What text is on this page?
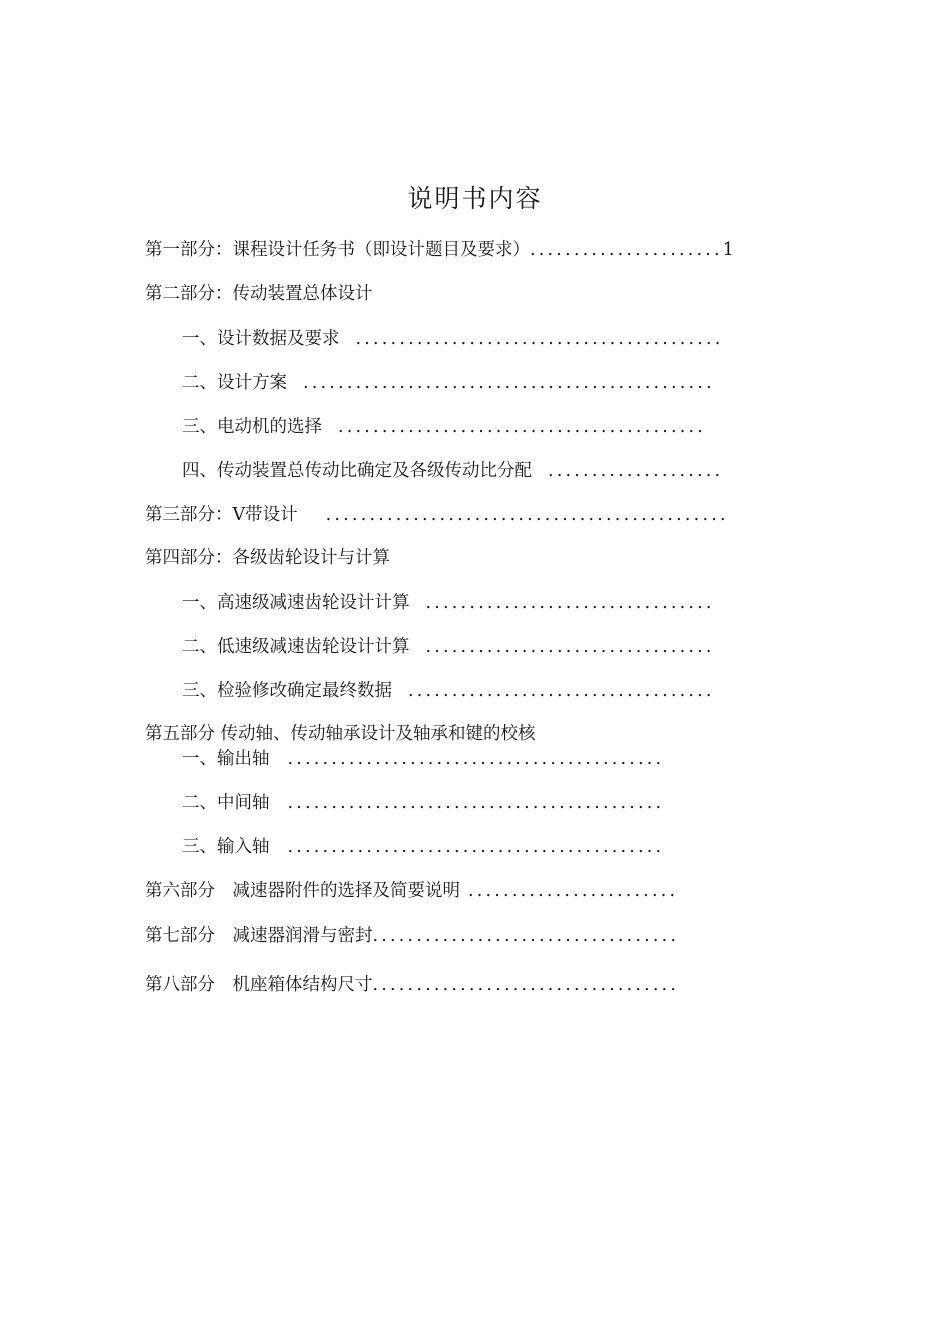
说明书内容
第一部分：课程设计任务书（即设计题目及要求）......................1
第二部分：传动装置总体设计
一、设计数据及要求 ..........................................
二、设计方案 ...............................................
三、电动机的选择 ..........................................
四、传动装置总传动比确定及各级传动比分配 ....................
第三部分：V带设计 ..............................................
第四部分：各级齿轮设计与计算
一、高速级减速齿轮设计计算 .................................
二、低速级减速齿轮设计计算 .................................
三、检验修改确定最终数据 ...................................
第五部分 传动轴、传动轴承设计及轴承和键的校核
一、输出轴 ...........................................
二、中间轴 ...........................................
三、输入轴 ...........................................
第六部分　减速器附件的选择及简要说明 ........................
第七部分　减速器润滑与密封...................................
第八部分　机座箱体结构尺寸...................................
